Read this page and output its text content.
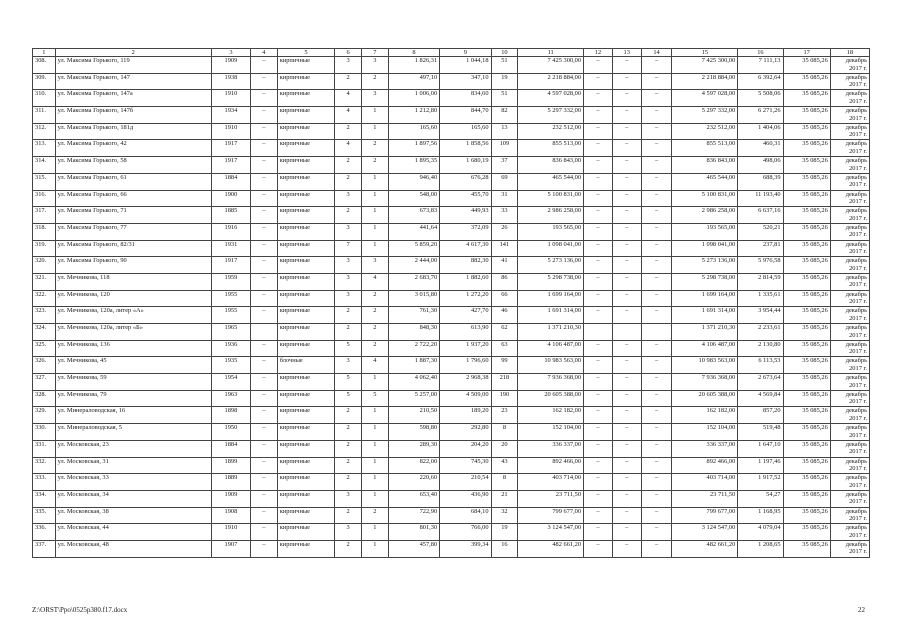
1	2	3	4	5	6	7	8	9	10	11	12	13	14	15	16	17	18
308.	ул. Максима Горького, 119	1909	–	кирпичные	3	3	1 826,31	1 044,18	51	7 425 300,00	–	–	–	7 425 300,00	7 111,13	35 085,26	декабрь 2017 г.
309.	ул. Максима Горького, 147	1938	–	кирпичные	2	2	497,10	347,10	19	2 218 884,00	–	–	–	2 218 884,00	6 392,64	35 085,26	декабрь 2017 г.
310.	ул. Максима Горького, 147а	1910	–	кирпичные	4	3	1 006,00	834,60	51	4 597 028,00	–	–	–	4 597 028,00	5 508,06	35 085,26	декабрь 2017 г.
311.	ул. Максима Горького, 147б	1934	–	кирпичные	4	1	1 212,80	844,70	82	5 297 332,00	–	–	–	5 297 332,00	6 271,26	35 085,26	декабрь 2017 г.
312.	ул. Максима Горького, 181д	1910	–	кирпичные	2	1	165,60	165,60	13	232 512,00	–	–	–	232 512,00	1 404,06	35 085,26	декабрь 2017 г.
313.	ул. Максима Горького, 42	1917	–	кирпичные	4	2	1 897,56	1 858,56	109	855 513,00	–	–	–	855 513,00	460,31	35 085,26	декабрь 2017 г.
314.	ул. Максима Горького, 58	1917	–	кирпичные	2	2	1 895,35	1 680,19	37	836 843,00	–	–	–	836 843,00	498,06	35 085,26	декабрь 2017 г.
315.	ул. Максима Горького, 61	1884	–	кирпичные	2	1	946,40	676,28	69	465 544,00	–	–	–	465 544,00	688,39	35 085,26	декабрь 2017 г.
316.	ул. Максима Горького, 66	1900	–	кирпичные	3	1	548,00	455,70	31	5 100 831,00	–	–	–	5 100 831,00	11 193,40	35 085,26	декабрь 2017 г.
317.	ул. Максима Горького, 71	1885	–	кирпичные	2	1	673,83	449,93	33	2 986 258,00	–	–	–	2 986 258,00	6 637,16	35 085,26	декабрь 2017 г.
318.	ул. Максима Горького, 77	1916	–	кирпичные	3	1	441,64	372,09	26	193 565,00	–	–	–	193 565,00	520,21	35 085,26	декабрь 2017 г.
319.	ул. Максима Горького, 82/31	1931	–	кирпичные	7	1	5 859,20	4 617,30	141	1 098 041,00	–	–	–	1 098 041,00	237,81	35 085,26	декабрь 2017 г.
320.	ул. Максима Горького, 90	1917	–	кирпичные	3	3	2 444,00	882,30	41	5 273 136,00	–	–	–	5 273 136,00	5 976,58	35 085,26	декабрь 2017 г.
321.	ул. Мечникова, 118	1959	–	кирпичные	3	4	2 683,70	1 882,60	86	5 298 738,00	–	–	–	5 298 738,00	2 814,59	35 085,26	декабрь 2017 г.
322.	ул. Мечникова, 120	1955	–	кирпичные	3	2	3 015,80	1 272,20	66	1 699 164,00	–	–	–	1 699 164,00	1 335,61	35 085,26	декабрь 2017 г.
323.	ул. Мечникова, 120а, литер «А»	1955	–	кирпичные	2	2	761,30	427,70	46	1 691 314,00	–	–	–	1 691 314,00	3 954,44	35 085,26	декабрь 2017 г.
324.	ул. Мечникова, 120а, литер «Б»	1965		кирпичные	2	2	848,30	613,90	62	1 371 210,30				1 371 210,30	2 233,61	35 085,26	декабрь 2017 г.
325.	ул. Мечникова, 136	1936	–	кирпичные	5	2	2 722,20	1 937,20	63	4 106 487,00	–	–	–	4 106 487,00	2 130,80	35 085,26	декабрь 2017 г.
326.	ул. Мечникова, 45	1935	–	блочные	3	4	1 887,30	1 796,60	99	10 983 563,00	–	–	–	10 983 563,00	6 113,53	35 085,26	декабрь 2017 г.
327.	ул. Мечникова, 59	1954	–	кирпичные	5	1	4 062,40	2 968,38	218	7 936 368,00	–	–	–	7 936 368,00	2 673,64	35 085,26	декабрь 2017 г.
328.	ул. Мечникова, 79	1963	–	кирпичные	5	5	5 257,00	4 509,00	190	20 605 388,00	–	–	–	20 605 388,00	4 569,84	35 085,26	декабрь 2017 г.
329.	ул. Минераловодская, 16	1898	–	кирпичные	2	1	210,50	189,20	23	162 182,00	–	–	–	162 182,00	857,20	35 085,26	декабрь 2017 г.
330.	ул. Минераловодская, 5	1950	–	кирпичные	2	1	598,80	292,80	8	152 104,00	–	–	–	152 104,00	519,48	35 085,26	декабрь 2017 г.
331.	ул. Московская, 23	1884	–	кирпичные	2	1	289,30	204,20	20	336 337,00	–	–	–	336 337,00	1 647,10	35 085,26	декабрь 2017 г.
332.	ул. Московская, 31	1899	–	кирпичные	2	1	822,00	745,30	43	892 466,00	–	–	–	892 466,00	1 197,46	35 085,26	декабрь 2017 г.
333.	ул. Московская, 33	1889	–	кирпичные	2	1	220,60	210,54	8	403 714,00	–	–	–	403 714,00	1 917,52	35 085,26	декабрь 2017 г.
334.	ул. Московская, 34	1909	–	кирпичные	3	1	653,40	436,90	21	23 711,50	–	–	–	23 711,50	54,27	35 085,26	декабрь 2017 г.
335.	ул. Московская, 38	1908	–	кирпичные	2	2	722,90	684,10	32	799 677,00	–	–	–	799 677,00	1 168,95	35 085,26	декабрь 2017 г.
336.	ул. Московская, 44	1910	–	кирпичные	3	1	801,30	766,00	19	3 124 547,00	–	–	–	3 124 547,00	4 079,04	35 085,26	декабрь 2017 г.
337.	ул. Московская, 48	1907	–	кирпичные	2	1	457,80	399,34	16	482 661,20	–	–	–	482 661,20	1 208,65	35 085,26	декабрь 2017 г.
Z:\ORST\Ppo\0525p380.f17.docx	22
